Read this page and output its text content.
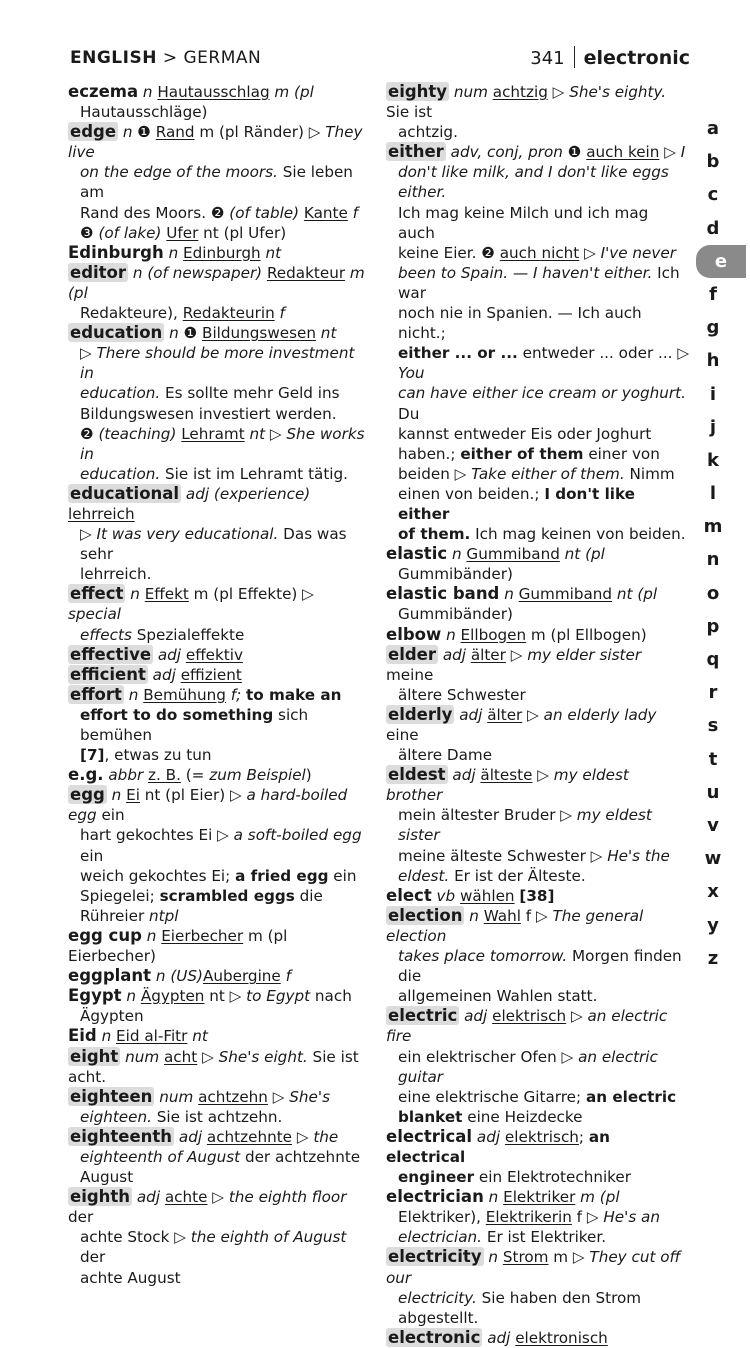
ENGLISH > GERMAN	341 electronic
eczema n Hautausschlag m (pl
Hautausschläge)
edge n ❶ Rand m (pl Ränder) ▷ They live
on the edge of the moors. Sie leben am
Rand des Moors. ❷ (of table) Kante f
❸ (of lake) Ufer nt (pl Ufer)
Edinburgh n Edinburgh nt
editor n (of newspaper) Redakteur m (pl
Redakteure), Redakteurin f
education n ❶ Bildungswesen nt
▷ There should be more investment in
education. Es sollte mehr Geld ins
Bildungswesen investiert werden.
❷ (teaching) Lehramt nt ▷ She works in
education. Sie ist im Lehramt tätig.
educational adj (experience) lehrreich
▷ It was very educational. Das was sehr
lehrreich.
effect n Effekt m (pl Effekte) ▷ special
effects Spezialeffekte
effective adj effektiv
efficient adj effizient
effort n Bemühung f; to make an
effort to do something sich bemühen
[7], etwas zu tun
e.g. abbr z. B. (= zum Beispiel)
egg n Ei nt (pl Eier) ▷ a hard-boiled egg ein
hart gekochtes Ei ▷ a soft-boiled egg ein
weich gekochtes Ei; a fried egg ein
Spiegelei; scrambled eggs die
Rühreier ntpl
egg cup n Eierbecher m (pl Eierbecher)
eggplant n (US)Aubergine f
Egypt n Ägypten nt ▷ to Egypt nach
Ägypten
Eid n Eid al-Fitr nt
eight num acht ▷ She's eight. Sie ist acht.
eighteen num achtzehn ▷ She's
eighteen. Sie ist achtzehn.
eighteenth adj achtzehnte ▷ the
eighteenth of August der achtzehnte
August
eighth adj achte ▷ the eighth floor der
achte Stock ▷ the eighth of August der
achte August
eighty num achtzig ▷ She's eighty. Sie ist
achtzig.
either adv, conj, pron ❶ auch kein ▷ I
don't like milk, and I don't like eggs either.
Ich mag keine Milch und ich mag auch
keine Eier. ❷ auch nicht ▷ I've never
been to Spain. — I haven't either. Ich war
noch nie in Spanien. — Ich auch nicht.;
either ... or ... entweder ... oder ... ▷ You
can have either ice cream or yoghurt. Du
kannst entweder Eis oder Joghurt
haben.; either of them einer von
beiden ▷ Take either of them. Nimm
einen von beiden.; I don't like either
of them. Ich mag keinen von beiden.
elastic n Gummiband nt (pl
Gummibänder)
elastic band n Gummiband nt (pl
Gummibänder)
elbow n Ellbogen m (pl Ellbogen)
elder adj älter ▷ my elder sister meine
ältere Schwester
elderly adj älter ▷ an elderly lady eine
ältere Dame
eldest adj älteste ▷ my eldest brother
mein ältester Bruder ▷ my eldest sister
meine älteste Schwester ▷ He's the
eldest. Er ist der Älteste.
elect vb wählen [38]
election n Wahl f ▷ The general election
takes place tomorrow. Morgen finden die
allgemeinen Wahlen statt.
electric adj elektrisch ▷ an electric fire
ein elektrischer Ofen ▷ an electric guitar
eine elektrische Gitarre; an electric
blanket eine Heizdecke
electrical adj elektrisch; an electrical
engineer ein Elektrotechniker
electrician n Elektriker m (pl
Elektriker), Elektrikerin f ▷ He's an
electrician. Er ist Elektriker.
electricity n Strom m ▷ They cut off our
electricity. Sie haben den Strom
abgestellt.
electronic adj elektronisch
a
b
c
d
e
f
g
h
i
j
k
l
m
n
o
p
q
r
s
t
u
v
w
x
y
z
